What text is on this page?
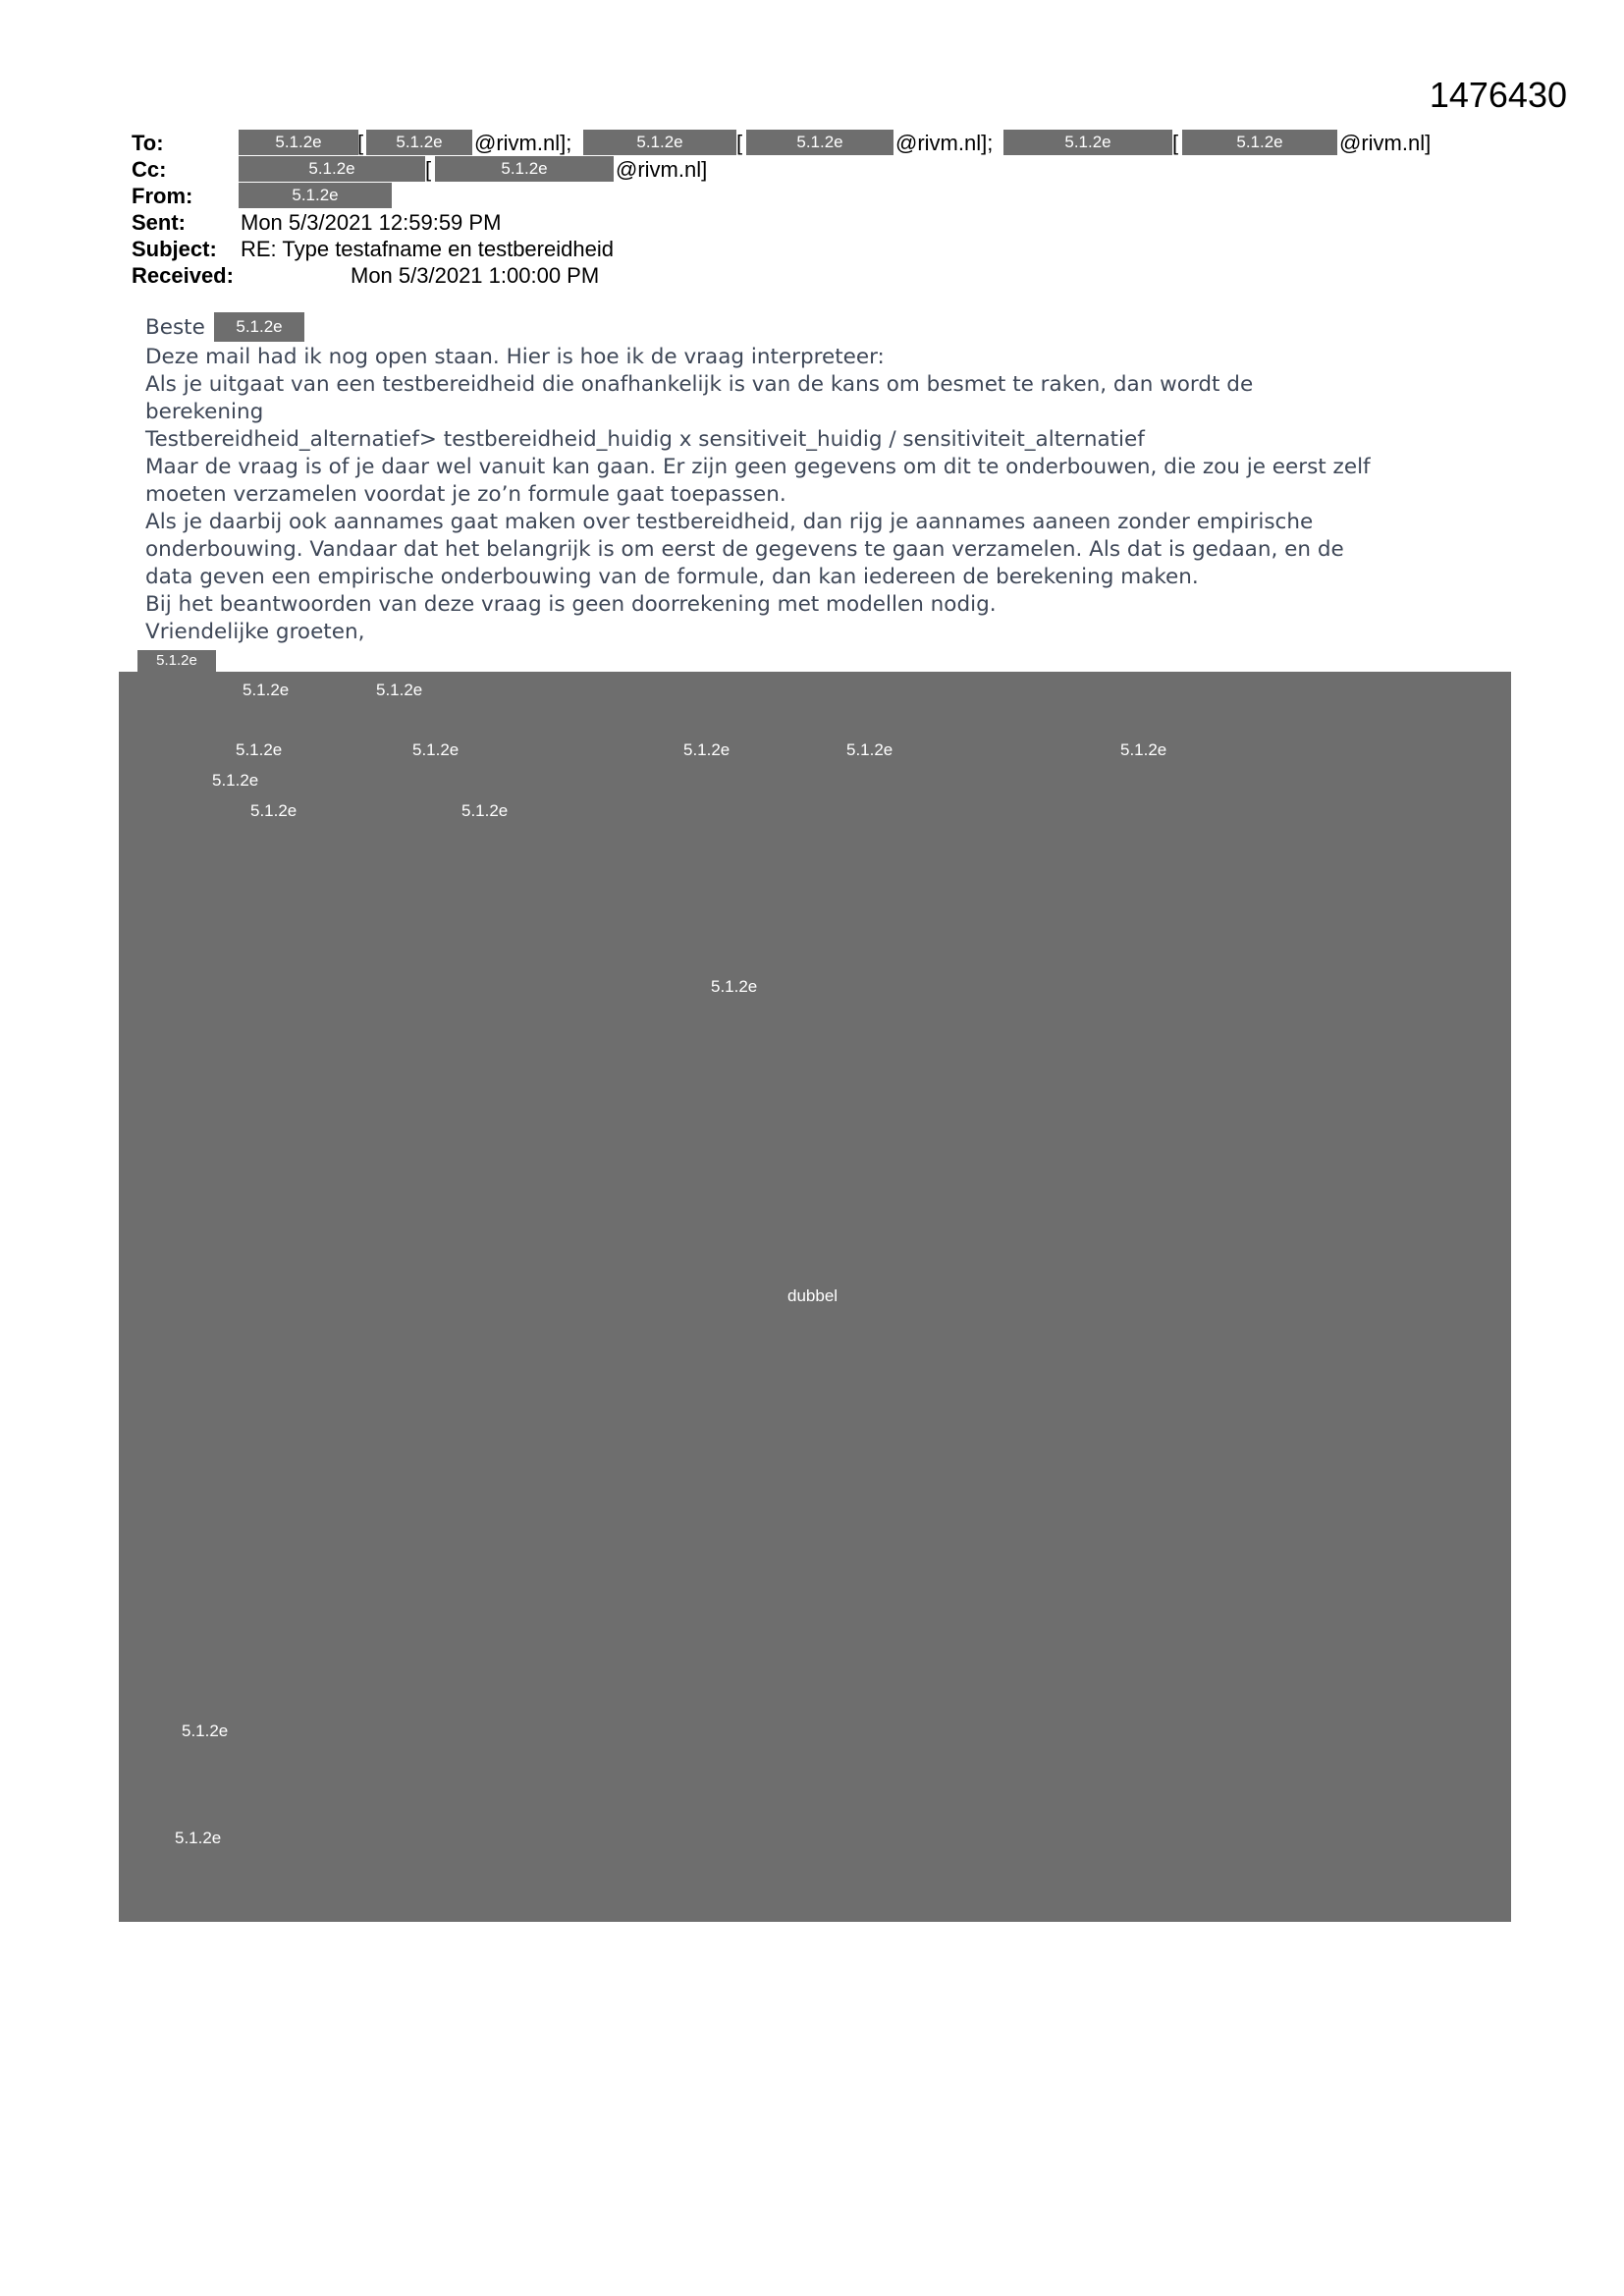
1476430
To:	5.1.2e	[	5.1.2e	@rivm.nl];	5.1.2e	[	5.1.2e	@rivm.nl];	5.1.2e	[	5.1.2e	@rivm.nl]
Cc:	5.1.2e	[	5.1.2e	@rivm.nl]
From:	5.1.2e
Sent:	Mon 5/3/2021 12:59:59 PM
Subject: RE: Type testafname en testbereidheid
Received:	Mon 5/3/2021 1:00:00 PM
Beste	5.1.2e
Deze mail had ik nog open staan. Hier is hoe ik de vraag interpreteer:
Als je uitgaat van een testbereidheid die onafhankelijk is van de kans om besmet te raken, dan wordt de
berekening
Testbereidheid_alternatief> testbereidheid_huidig x sensitiveit_huidig / sensitiviteit_alternatief
Maar de vraag is of je daar wel vanuit kan gaan. Er zijn geen gegevens om dit te onderbouwen, die zou je eerst zelf
moeten verzamelen voordat je zo’n formule gaat toepassen.
Als je daarbij ook aannames gaat maken over testbereidheid, dan rijg je aannames aaneen zonder empirische
onderbouwing. Vandaar dat het belangrijk is om eerst de gegevens te gaan verzamelen. Als dat is gedaan, en de
data geven een empirische onderbouwing van de formule, dan kan iedereen de berekening maken.
Bij het beantwoorden van deze vraag is geen doorrekening met modellen nodig.
Vriendelijke groeten,
5.1.2e
5.1.2e	5.1.2e
5.1.2e	5.1.2e	5.1.2e	5.1.2e	5.1.2e
5.1.2e
5.1.2e	5.1.2e
5.1.2e
dubbel
5.1.2e
5.1.2e
